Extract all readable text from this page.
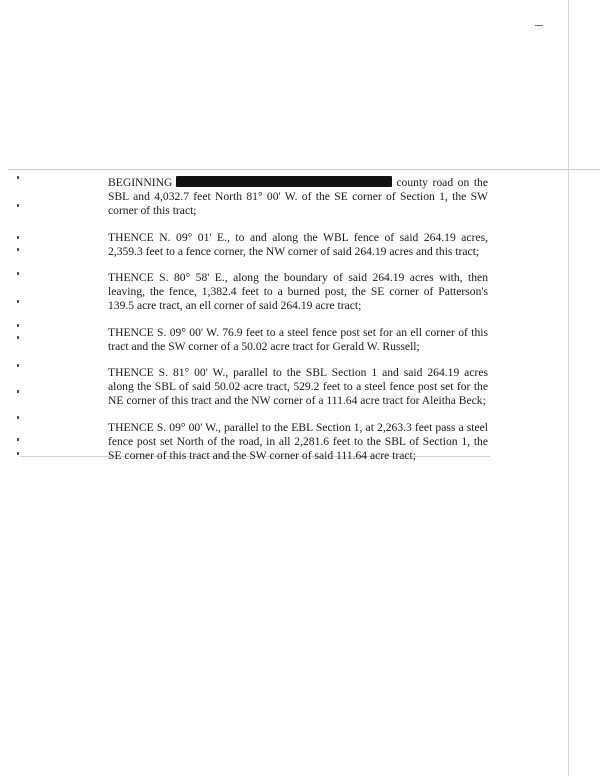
BEGINNING	county road on the SBL and 4,032.7 feet North 81° 00' W. of the SE corner of Section 1, the SW corner of this tract;

THENCE N. 09° 01' E., to and along the WBL fence of said 264.19 acres, 2,359.3 feet to a fence corner, the NW corner of said 264.19 acres and this tract;

THENCE S. 80° 58' E., along the boundary of said 264.19 acres with, then leaving, the fence, 1,382.4 feet to a burned post, the SE corner of Patterson's 139.5 acre tract, an ell corner of said 264.19 acre tract;

THENCE S. 09° 00' W. 76.9 feet to a steel fence post set for an ell corner of this tract and the SW corner of a 50.02 acre tract for Gerald W. Russell;

THENCE S. 81° 00' W., parallel to the SBL Section 1 and said 264.19 acres along the SBL of said 50.02 acre tract, 529.2 feet to a steel fence post set for the NE corner of this tract and the NW corner of a 111.64 acre tract for Aleitha Beck;

THENCE S. 09° 00' W., parallel to the EBL Section 1, at 2,263.3 feet pass a steel fence post set North of the road, in all 2,281.6 feet to the SBL of Section 1, the SE corner of this tract and the SW corner of said 111.64 acre tract;
